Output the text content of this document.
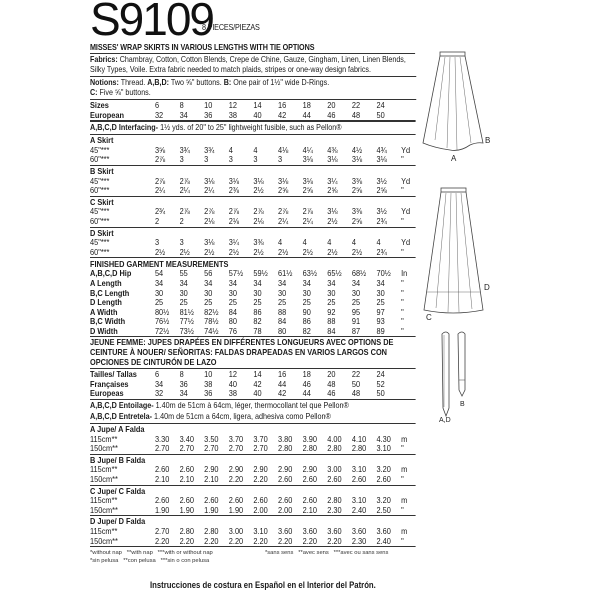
S9109
8 PIECES/PIEZAS
MISSES' WRAP SKIRTS IN VARIOUS LENGTHS WITH TIE OPTIONS
Fabrics: Chambray, Cotton, Cotton Blends, Crepe de Chine, Gauze, Gingham, Linen, Linen Blends, Silky Types, Voile. Extra fabric needed to match plaids, stripes or one-way design fabrics.
Notions: Thread. A,B,D: Two ⅝" buttons. B: One pair of 1½" wide D-Rings.
C: Five ⅝" buttons.
Sizes	6	8	10	12	14	16	18	20	22	24	
European	32	34	36	38	40	42	44	46	48	50	
A,B,C,D Interfacing- 1½ yds. of 20" to 25" lightweight fusible, such as Pellon®
A Skirt
45"***	3⅝	3¾	3¾	4	4	4⅛	4¼	4⅜	4½	4¾	Yd
60"***	2⅞	3	3	3	3	3	3⅛	3⅛	3⅛	3⅛	"
B Skirt
45"***	2⅞	2⅞	3⅛	3⅛	3⅛	3⅛	3⅛	3¼	3⅜	3½	Yd
60"***	2¼	2¼	2¼	2⅜	2½	2⅝	2⅝	2⅝	2⅝	2⅝	"
C Skirt
45"***	2¾	2⅞	2⅞	2⅞	2⅞	2⅞	2⅞	3⅛	3⅜	3½	Yd
60"***	2	2	2⅛	2⅛	2⅛	2¼	2¼	2½	2⅝	2¾	"
D Skirt
45"***	3	3	3⅛	3¼	3⅜	4	4	4	4	4	Yd
60"***	2½	2½	2½	2½	2½	2½	2½	2½	2½	2¾	"
FINISHED GARMENT MEASUREMENTS
A,B,C,D Hip	54	55	56	57½	59½	61½	63½	65½	68½	70½	In
A Length	34	34	34	34	34	34	34	34	34	34	"
B,C Length	30	30	30	30	30	30	30	30	30	30	"
D Length	25	25	25	25	25	25	25	25	25	25	"
A Width	80½	81½	82½	84	86	88	90	92	95	97	"
B,C Width	76½	77½	78½	80	82	84	86	88	91	93	"
D Width	72½	73½	74½	76	78	80	82	84	87	89	"
JEUNE FEMME: JUPES DRAPÉES EN DIFFÉRENTES LONGUEURS AVEC OPTIONS DE CEINTURE À NOUER/ SEÑORITAS: FALDAS DRAPEADAS EN VARIOS LARGOS CON OPCIONES DE CINTURÓN DE LAZO
Tailles/ Tallas	6	8	10	12	14	16	18	20	22	24	
Françaises	34	36	38	40	42	44	46	48	50	52	
Europeas	32	34	36	38	40	42	44	46	48	50	
A,B,C,D Entoilage- 1.40m de 51cm à 64cm, léger, thermocollant tel que Pellon®
A,B,C,D Entretela- 1.40m de 51cm a 64cm, ligera, adhesiva como Pellon®
A Jupe/ A Falda
115cm**	3.30	3.40	3.50	3.70	3.70	3.80	3.90	4.00	4.10	4.30	m
150cm**	2.70	2.70	2.70	2.70	2.70	2.80	2.80	2.80	2.80	3.10	"
B Jupe/ B Falda
115cm**	2.60	2.60	2.90	2.90	2.90	2.90	2.90	3.00	3.10	3.20	m
150cm**	2.10	2.10	2.10	2.20	2.20	2.60	2.60	2.60	2.60	2.60	"
C Jupe/ C Falda
115cm**	2.60	2.60	2.60	2.60	2.60	2.60	2.60	2.80	3.10	3.20	m
150cm**	1.90	1.90	1.90	1.90	2.00	2.00	2.10	2.30	2.40	2.50	"
D Jupe/ D Falda
115cm**	2.70	2.80	2.80	3.00	3.10	3.60	3.60	3.60	3.60	3.60	m
150cm**	2.20	2.20	2.20	2.20	2.20	2.20	2.20	2.20	2.30	2.40	"
*without nap   **with nap   ***with or without nap
*sin pelusa   **con pelusa   ***sin o con pelusa
*sans sens   **avec sens   ***avec ou sans sens
Instrucciones de costura en Español en el Interior del Patrón.
B
A
D
C
B
A,D
